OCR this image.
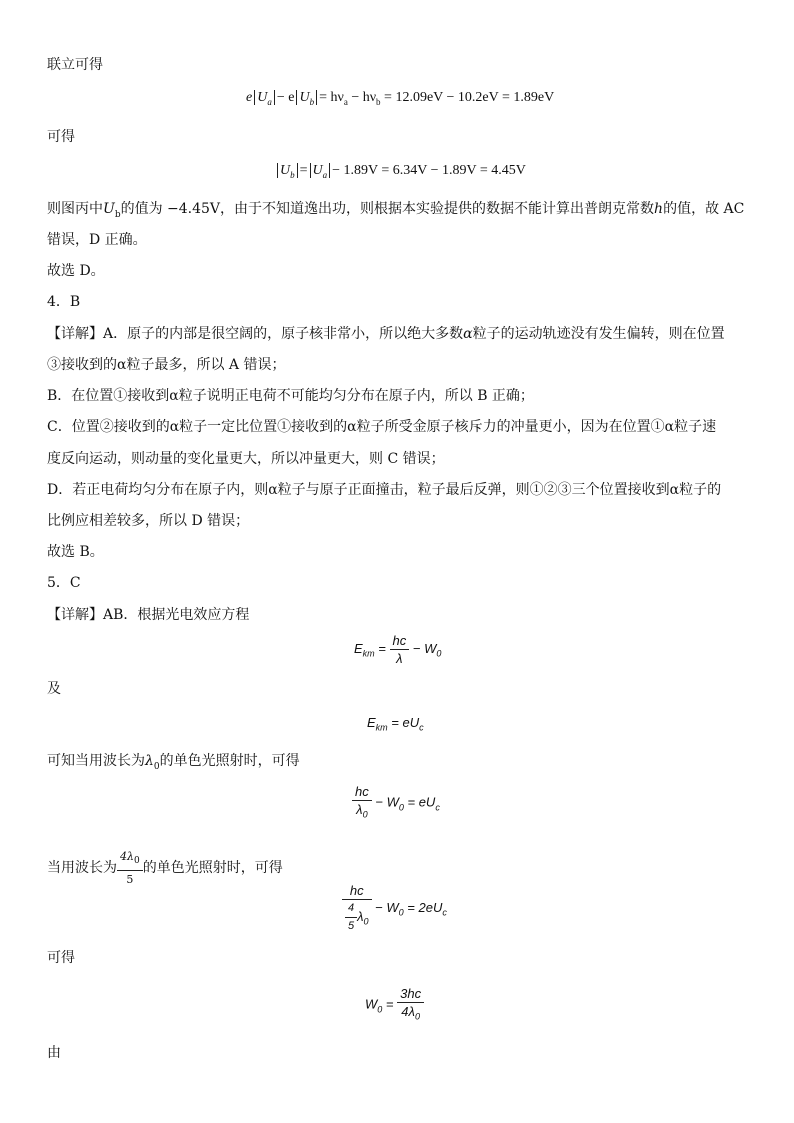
联立可得
e $U_a - e$ $U_b = h\nu_a - h\nu_b = 12.09eV - 10.2eV = 1.89eV$
可得
$U_b = U_a - 1.89V = 6.34V - 1.89V = 4.45V$
则图丙中$U_b$的值为 −4.45V，由于不知道逸出功，则根据本实验提供的数据不能计算出普朗克常数h的值，故 AC
错误，D 正确。
故选 D。
4．B
【详解】A．原子的内部是很空阔的，原子核非常小，所以绝大多数α粒子的运动轨迹没有发生偏转，则在位置
③接收到的α粒子最多，所以 A 错误；
B．在位置①接收到α粒子说明正电荷不可能均匀分布在原子内，所以 B 正确；
C．位置②接收到的α粒子一定比位置①接收到的α粒子所受金原子核斥力的冲量更小，因为在位置①α粒子速
度反向运动，则动量的变化量更大，所以冲量更大，则 C 错误；
D．若正电荷均匀分布在原子内，则α粒子与原子正面撞击，粒子最后反弹，则①②③三个位置接收到α粒子的
比例应相差较多，所以 D 错误；
故选 B。
5．C
【详解】AB．根据光电效应方程
$E_{km} = \frac{hc}{\lambda} - W_0$
及
$E_{km} = eU_c$
可知当用波长为$\lambda_0$的单色光照射时，可得
$\frac{hc}{\lambda_0} - W_0 = eU_c$
当用波长为 $\frac{4\lambda_0}{5}$ 的单色光照射时，可得
$\frac{hc}{\frac{4}{5} \lambda_0} - W_0 = 2eU_c$
可得
$W_0 = \frac{3hc}{4\lambda_0}$
由
